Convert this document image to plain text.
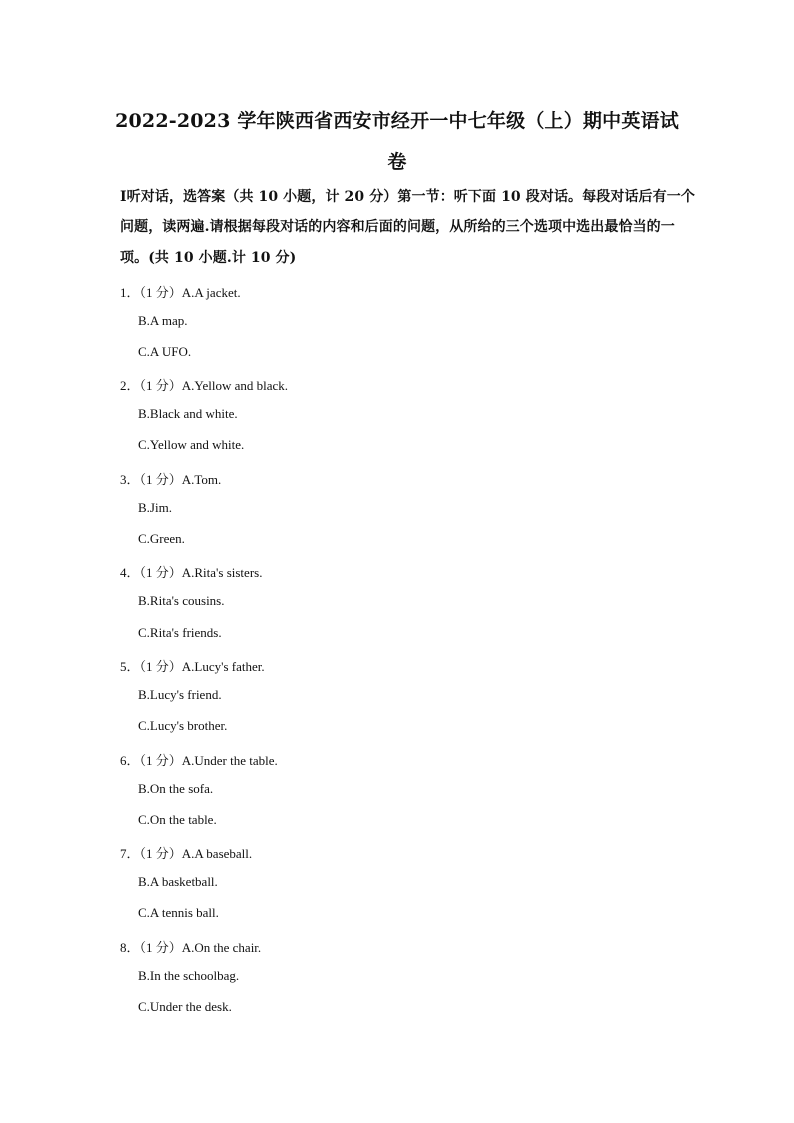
2022-2023 学年陕西省西安市经开一中七年级（上）期中英语试
卷
I听对话，选答案（共 10 小题，计 20 分）第一节：听下面 10 段对话。每段对话后有一个
问题，读两遍.请根据每段对话的内容和后面的问题，从所给的三个选项中选出最恰当的一
项。(共 10 小题.计 10 分)
1．（1 分）A.A jacket.
B.A map.
C.A UFO.
2．（1 分）A.Yellow and black.
B.Black and white.
C.Yellow and white.
3．（1 分）A.Tom.
B.Jim.
C.Green.
4．（1 分）A.Rita's sisters.
B.Rita's cousins.
C.Rita's friends.
5．（1 分）A.Lucy's father.
B.Lucy's friend.
C.Lucy's brother.
6．（1 分）A.Under the table.
B.On the sofa.
C.On the table.
7．（1 分）A.A baseball.
B.A basketball.
C.A tennis ball.
8．（1 分）A.On the chair.
B.In the schoolbag.
C.Under the desk.
